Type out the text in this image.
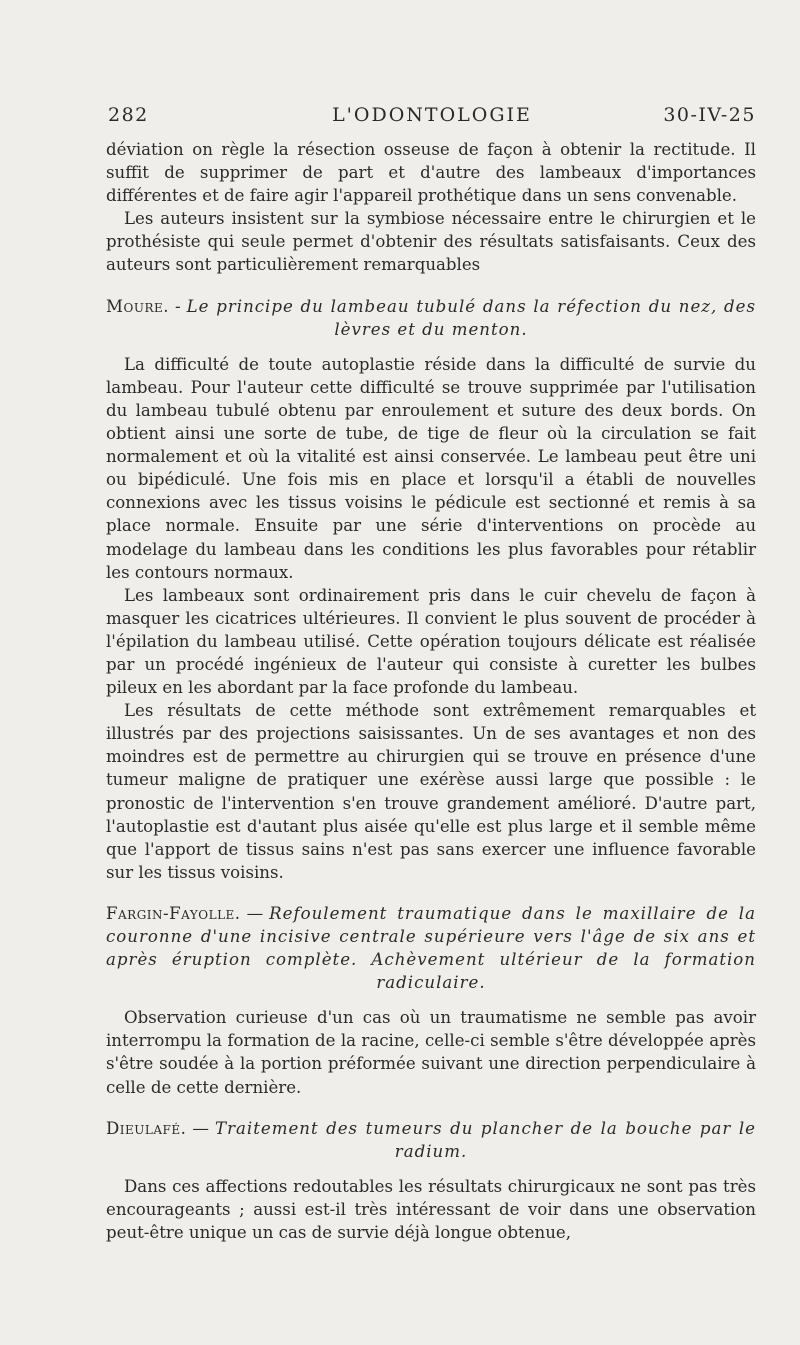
282	L'ODONTOLOGIE	30-IV-25

déviation on règle la résection osseuse de façon à obtenir la rectitude. Il suffit de supprimer de part et d'autre des lambeaux d'importances différentes et de faire agir l'appareil prothétique dans un sens convenable.

Les auteurs insistent sur la symbiose nécessaire entre le chirurgien et le prothésiste qui seule permet d'obtenir des résultats satisfaisants. Ceux des auteurs sont particulièrement remarquables

Moure. - Le principe du lambeau tubulé dans la réfection du nez, des lèvres et du menton.

La difficulté de toute autoplastie réside dans la difficulté de survie du lambeau. Pour l'auteur cette difficulté se trouve supprimée par l'utilisation du lambeau tubulé obtenu par enroulement et suture des deux bords. On obtient ainsi une sorte de tube, de tige de fleur où la circulation se fait normalement et où la vitalité est ainsi conservée. Le lambeau peut être uni ou bipédiculé. Une fois mis en place et lorsqu'il a établi de nouvelles connexions avec les tissus voisins le pédicule est sectionné et remis à sa place normale. Ensuite par une série d'interventions on procède au modelage du lambeau dans les conditions les plus favorables pour rétablir les contours normaux.

Les lambeaux sont ordinairement pris dans le cuir chevelu de façon à masquer les cicatrices ultérieures. Il convient le plus souvent de procéder à l'épilation du lambeau utilisé. Cette opération toujours délicate est réalisée par un procédé ingénieux de l'auteur qui consiste à curetter les bulbes pileux en les abordant par la face profonde du lambeau.

Les résultats de cette méthode sont extrêmement remarquables et illustrés par des projections saisissantes. Un de ses avantages et non des moindres est de permettre au chirurgien qui se trouve en présence d'une tumeur maligne de pratiquer une exérèse aussi large que possible : le pronostic de l'intervention s'en trouve grandement amélioré. D'autre part, l'autoplastie est d'autant plus aisée qu'elle est plus large et il semble même que l'apport de tissus sains n'est pas sans exercer une influence favorable sur les tissus voisins.

Fargin-Fayolle. — Refoulement traumatique dans le maxillaire de la couronne d'une incisive centrale supérieure vers l'âge de six ans et après éruption complète. Achèvement ultérieur de la formation radiculaire.

Observation curieuse d'un cas où un traumatisme ne semble pas avoir interrompu la formation de la racine, celle-ci semble s'être développée après s'être soudée à la portion préformée suivant une direction perpendiculaire à celle de cette dernière.

Dieulafé. — Traitement des tumeurs du plancher de la bouche par le radium.

Dans ces affections redoutables les résultats chirurgicaux ne sont pas très encourageants ; aussi est-il très intéressant de voir dans une observation peut-être unique un cas de survie déjà longue obtenue,
